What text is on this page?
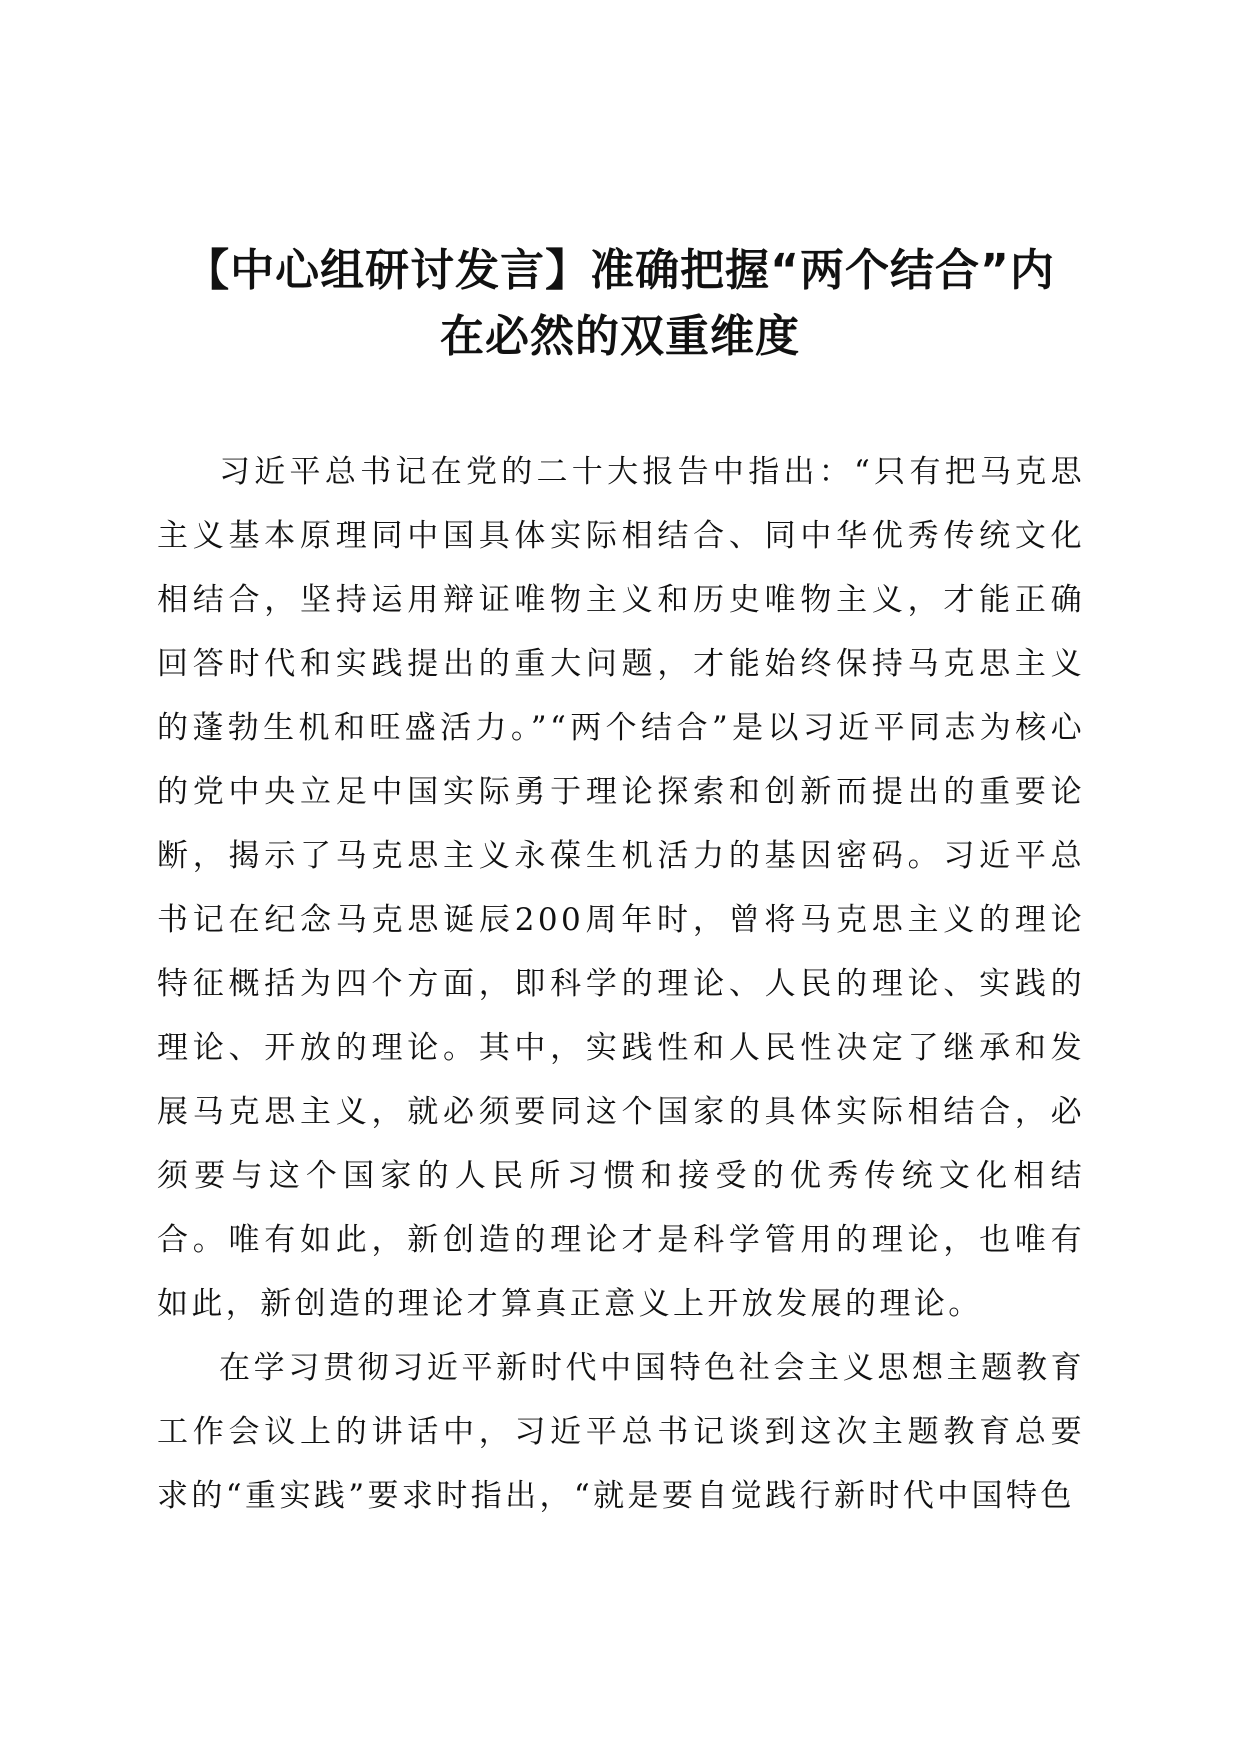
【中心组研讨发言】准确把握“两个结合”内
在必然的双重维度

习近平总书记在党的二十大报告中指出：“只有把马克思主义基本原理同中国具体实际相结合、同中华优秀传统文化相结合，坚持运用辩证唯物主义和历史唯物主义，才能正确回答时代和实践提出的重大问题，才能始终保持马克思主义的蓬勃生机和旺盛活力。”“两个结合”是以习近平同志为核心的党中央立足中国实际勇于理论探索和创新而提出的重要论断，揭示了马克思主义永葆生机活力的基因密码。习近平总书记在纪念马克思诞辰200周年时，曾将马克思主义的理论特征概括为四个方面，即科学的理论、人民的理论、实践的理论、开放的理论。其中，实践性和人民性决定了继承和发展马克思主义，就必须要同这个国家的具体实际相结合，必须要与这个国家的人民所习惯和接受的优秀传统文化相结合。唯有如此，新创造的理论才是科学管用的理论，也唯有如此，新创造的理论才算真正意义上开放发展的理论。

在学习贯彻习近平新时代中国特色社会主义思想主题教育工作会议上的讲话中，习近平总书记谈到这次主题教育总要求的“重实践”要求时指出，“就是要自觉践行新时代中国特色
